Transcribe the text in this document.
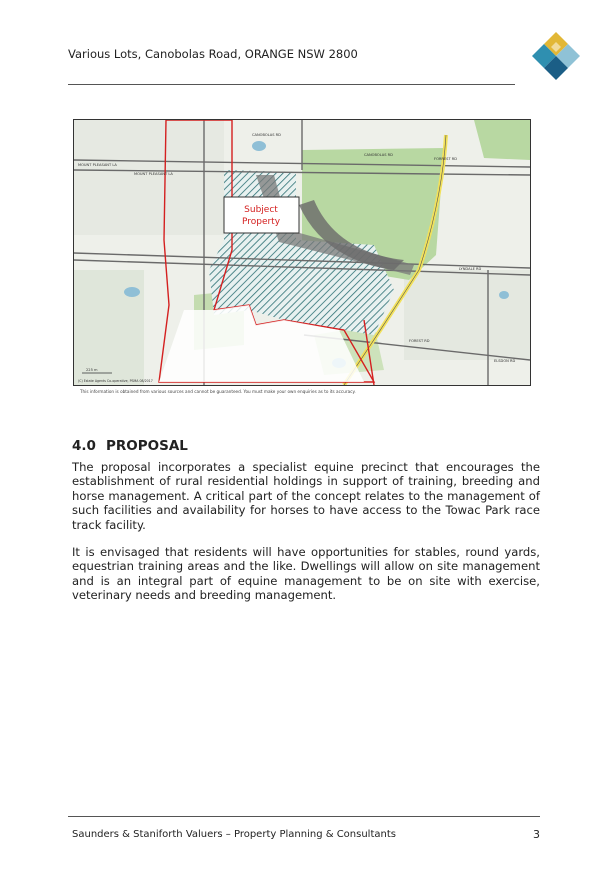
Various Lots, Canobolas Road, ORANGE NSW 2800
Subject
Property
CANOBOLAS RD
CANOBOLAS RD
MOUNT PLEASANT LA
MOUNT PLEASANT LA
LYNDALE RD
FORREST RD
FOREST RD
ELSDON RD
225 m
(C) Estate Agents Co-operative, PSMA 08/2017
This information is obtained from various sources and cannot be guaranteed. You must make your own enquiries as to its accuracy.
4.0 PROPOSAL
The proposal incorporates a specialist equine precinct that encourages the establishment of rural residential holdings in support of training, breeding and horse management. A critical part of the concept relates to the management of such facilities and availability for horses to have access to the Towac Park race track facility.
It is envisaged that residents will have opportunities for stables, round yards, equestrian training areas and the like. Dwellings will allow on site management and is an integral part of equine management to be on site with exercise, veterinary needs and breeding management.
Saunders & Staniforth Valuers – Property Planning & Consultants	3
